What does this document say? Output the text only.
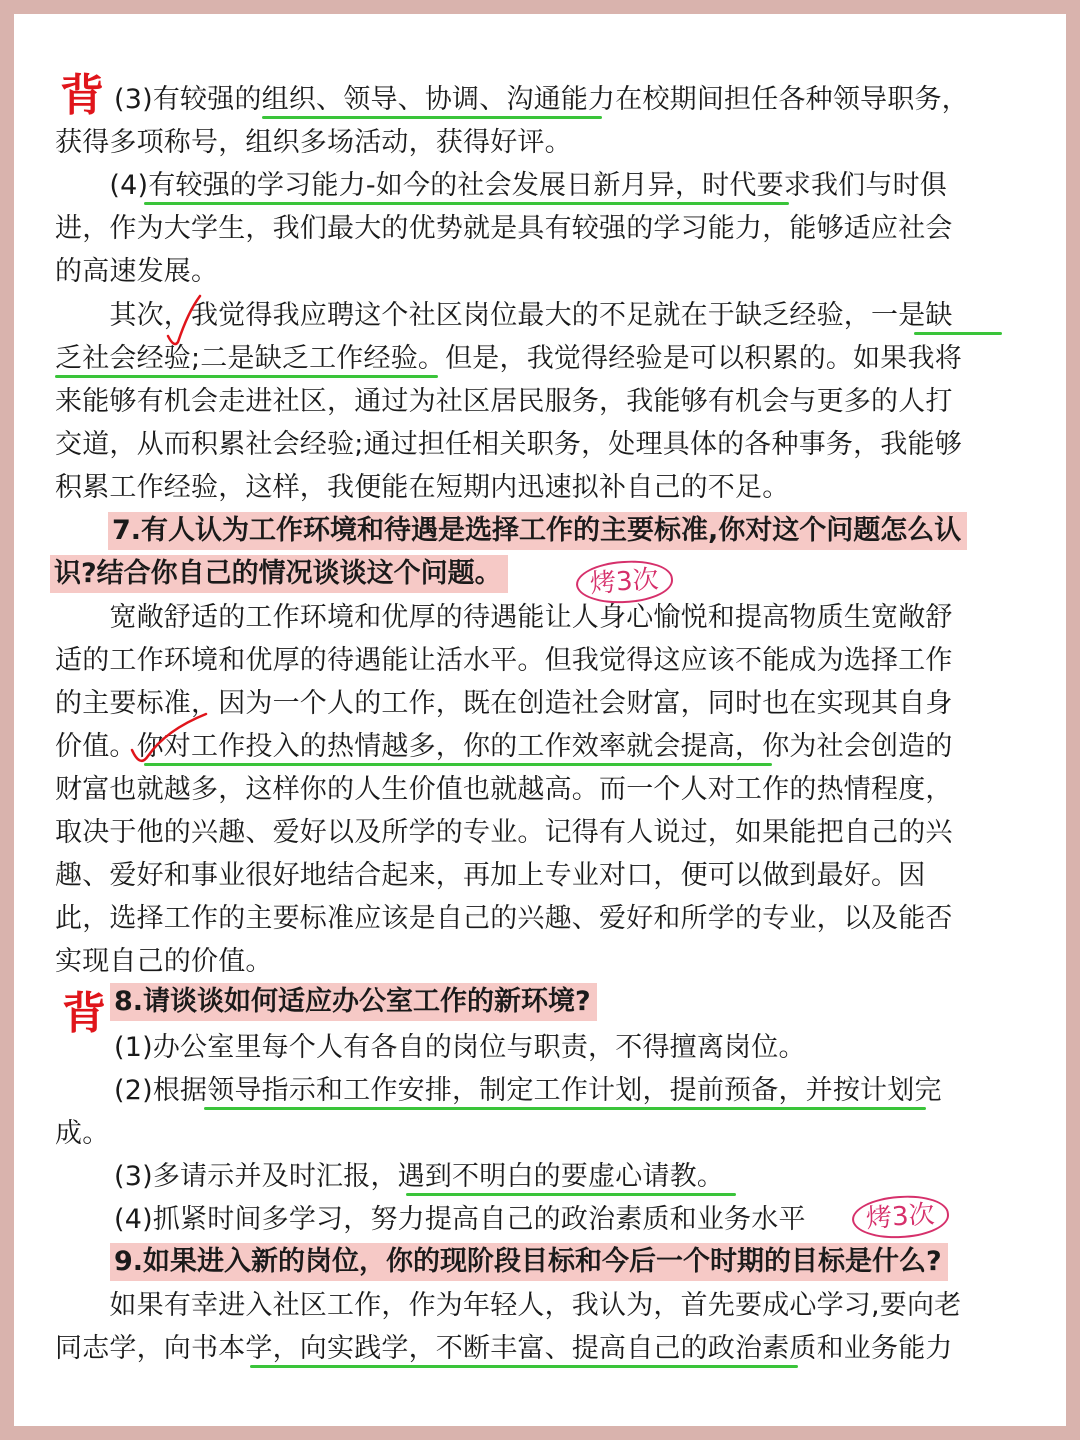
背 (3)有较强的组织、领导、协调、沟通能力在校期间担任各种领导职务，
获得多项称号，组织多场活动，获得好评。
　　(4)有较强的学习能力-如今的社会发展日新月异，时代要求我们与时俱
进，作为大学生，我们最大的优势就是具有较强的学习能力，能够适应社会
的高速发展。
　　其次，我觉得我应聘这个社区岗位最大的不足就在于缺乏经验，一是缺
乏社会经验;二是缺乏工作经验。但是，我觉得经验是可以积累的。如果我将
来能够有机会走进社区，通过为社区居民服务，我能够有机会与更多的人打
交道，从而积累社会经验;通过担任相关职务，处理具体的各种事务，我能够
积累工作经验，这样，我便能在短期内迅速拟补自己的不足。
7.有人认为工作环境和待遇是选择工作的主要标准,你对这个问题怎么认
识?结合你自己的情况谈谈这个问题。	烤3次
　　宽敞舒适的工作环境和优厚的待遇能让人身心愉悦和提高物质生宽敞舒
适的工作环境和优厚的待遇能让活水平。但我觉得这应该不能成为选择工作
的主要标准，因为一个人的工作，既在创造社会财富，同时也在实现其自身
价值。你对工作投入的热情越多，你的工作效率就会提高，你为社会创造的
财富也就越多，这样你的人生价值也就越高。而一个人对工作的热情程度，
取决于他的兴趣、爱好以及所学的专业。记得有人说过，如果能把自己的兴
趣、爱好和事业很好地结合起来，再加上专业对口，便可以做到最好。因
此，选择工作的主要标准应该是自己的兴趣、爱好和所学的专业，以及能否
实现自己的价值。
背 8.请谈谈如何适应办公室工作的新环境?
(1)办公室里每个人有各自的岗位与职责，不得擅离岗位。
(2)根据领导指示和工作安排，制定工作计划，提前预备，并按计划完
成。
(3)多请示并及时汇报，遇到不明白的要虚心请教。
(4)抓紧时间多学习，努力提高自己的政治素质和业务水平	烤3次
9.如果进入新的岗位，你的现阶段目标和今后一个时期的目标是什么?
　　如果有幸进入社区工作，作为年轻人，我认为，首先要成心学习,要向老
同志学，向书本学，向实践学，不断丰富、提高自己的政治素质和业务能力
